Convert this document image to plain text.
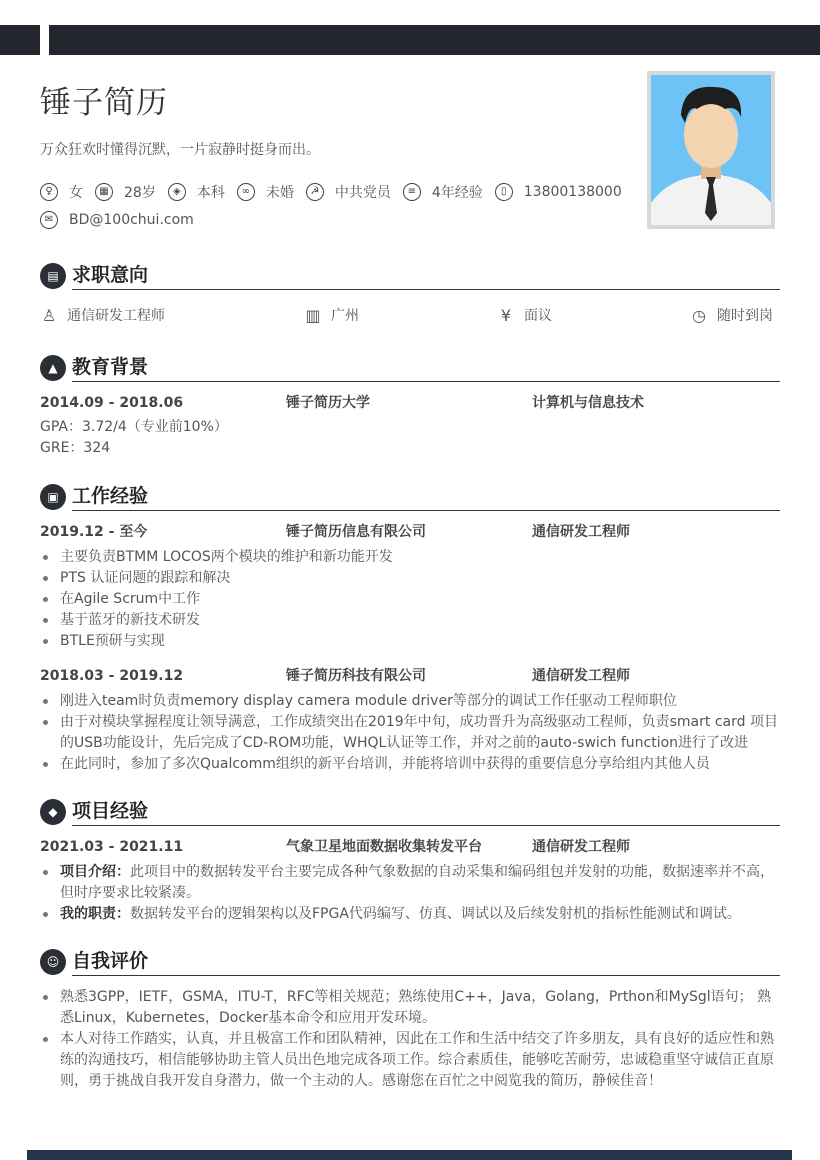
锤子简历
万众狂欢时懂得沉默，一片寂静时挺身而出。
♀	女	▦	28岁	◈	本科	∞	未婚	☭	中共党员	≡	4年经验	▯	13800138000
✉	BD@100chui.com
▤ 求职意向
♙ 通信研发工程师	▥ 广州	¥ 面议	◷ 随时到岗
▲ 教育背景
2014.09 - 2018.06	锤子简历大学	计算机与信息技术
GPA：3.72/4（专业前10%）
GRE：324
▣ 工作经验
2019.12 - 至今	锤子简历信息有限公司	通信研发工程师
主要负责BTMM LOCOS两个模块的维护和新功能开发
PTS 认证问题的跟踪和解决
在Agile Scrum中工作
基于蓝牙的新技术研发
BTLE预研与实现
2018.03 - 2019.12	锤子简历科技有限公司	通信研发工程师
刚进入team时负责memory display camera module driver等部分的调试工作任驱动工程师职位
由于对模块掌握程度让领导满意，工作成绩突出在2019年中旬，成功晋升为高级驱动工程师，负责smart card 项目的USB功能设计，先后完成了CD-ROM功能，WHQL认证等工作，并对之前的auto-swich function进行了改进
在此同时，参加了多次Qualcomm组织的新平台培训，并能将培训中获得的重要信息分享给组内其他人员
◆ 项目经验
2021.03 - 2021.11	气象卫星地面数据收集转发平台	通信研发工程师
项目介绍：此项目中的数据转发平台主要完成各种气象数据的自动采集和编码组包并发射的功能，数据速率并不高，但时序要求比较紧凑。
我的职责：数据转发平台的逻辑架构以及FPGA代码编写、仿真、调试以及后续发射机的指标性能测试和调试。
☺ 自我评价
熟悉3GPP，IETF，GSMA，ITU-T，RFC等相关规范；熟练使用C++，Java，Golang，Prthon和MySgl语句； 熟悉Linux，Kubernetes，Docker基本命令和应用开发环境。
本人对待工作踏实，认真，并且极富工作和团队精神，因此在工作和生活中结交了许多朋友，具有良好的适应性和熟练的沟通技巧，相信能够协助主管人员出色地完成各项工作。综合素质佳，能够吃苦耐劳，忠诚稳重坚守诚信正直原则，勇于挑战自我开发自身潜力，做一个主动的人。感谢您在百忙之中阅览我的简历，静候佳音！
